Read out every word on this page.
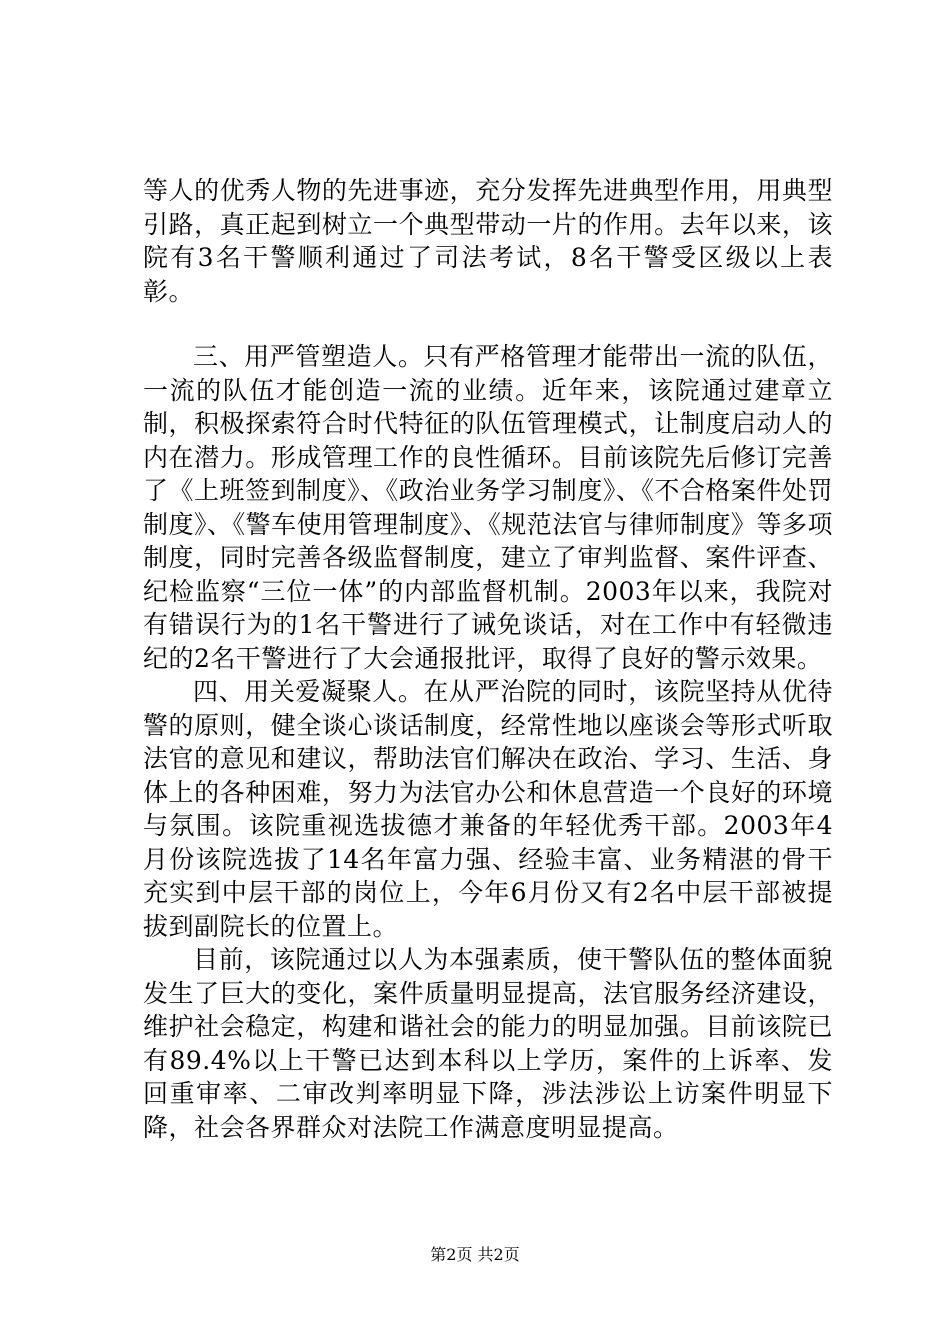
等人的优秀人物的先进事迹，充分发挥先进典型作用，用典型引路，真正起到树立一个典型带动一片的作用。去年以来，该院有3名干警顺利通过了司法考试，8名干警受区级以上表彰。

三、用严管塑造人。只有严格管理才能带出一流的队伍，一流的队伍才能创造一流的业绩。近年来，该院通过建章立制，积极探索符合时代特征的队伍管理模式，让制度启动人的内在潜力。形成管理工作的良性循环。目前该院先后修订完善了《上班签到制度》、《政治业务学习制度》、《不合格案件处罚制度》、《警车使用管理制度》、《规范法官与律师制度》等多项制度，同时完善各级监督制度，建立了审判监督、案件评查、纪检监察“三位一体”的内部监督机制。2003年以来，我院对有错误行为的1名干警进行了诫免谈话，对在工作中有轻微违纪的2名干警进行了大会通报批评，取得了良好的警示效果。

四、用关爱凝聚人。在从严治院的同时，该院坚持从优待警的原则，健全谈心谈话制度，经常性地以座谈会等形式听取法官的意见和建议，帮助法官们解决在政治、学习、生活、身体上的各种困难，努力为法官办公和休息营造一个良好的环境与氛围。该院重视选拔德才兼备的年轻优秀干部。2003年4月份该院选拔了14名年富力强、经验丰富、业务精湛的骨干充实到中层干部的岗位上，今年6月份又有2名中层干部被提拔到副院长的位置上。

目前，该院通过以人为本强素质，使干警队伍的整体面貌发生了巨大的变化，案件质量明显提高，法官服务经济建设，维护社会稳定，构建和谐社会的能力的明显加强。目前该院已有89.4%以上干警已达到本科以上学历，案件的上诉率、发回重审率、二审改判率明显下降，涉法涉讼上访案件明显下降，社会各界群众对法院工作满意度明显提高。

第2页 共2页
